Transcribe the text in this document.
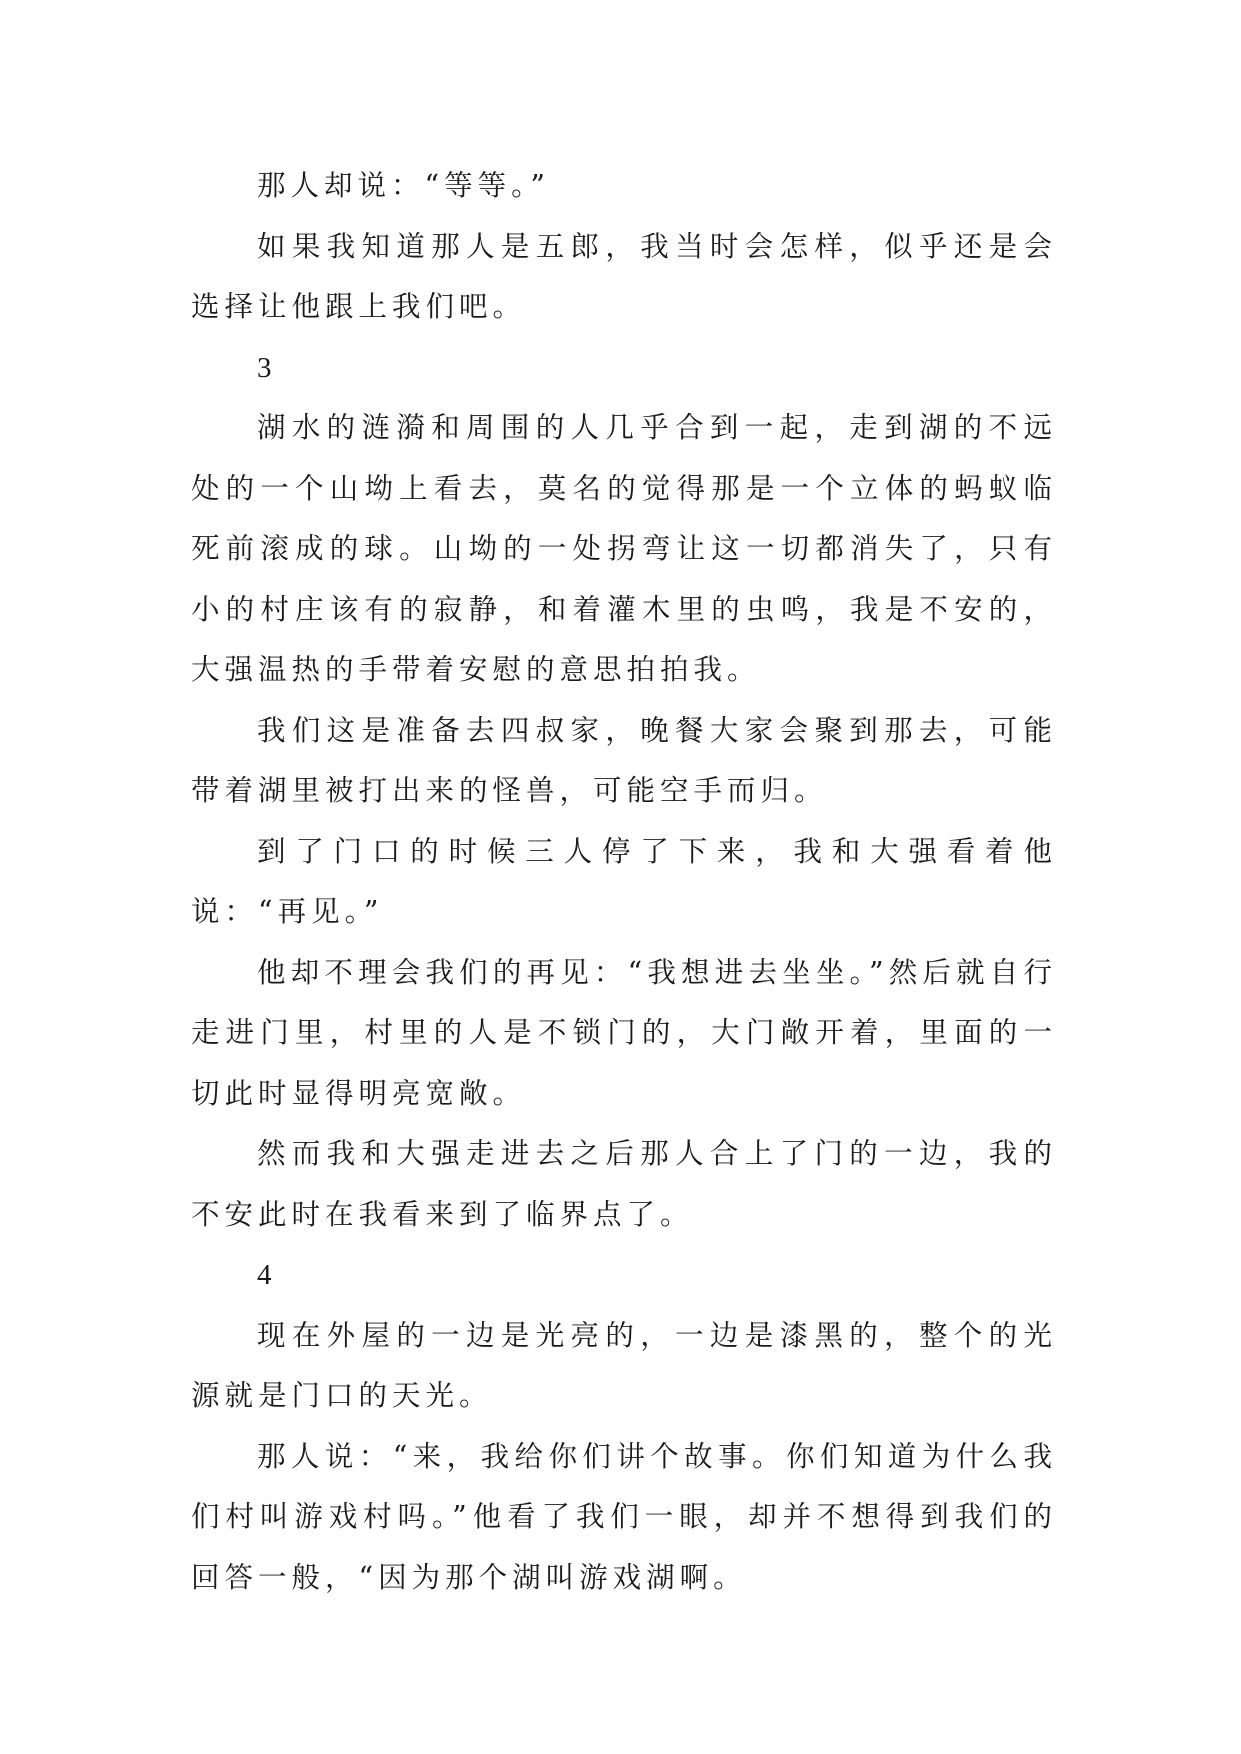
那人却说：“等等。”

如果我知道那人是五郎，我当时会怎样，似乎还是会选择让他跟上我们吧。

3

湖水的涟漪和周围的人几乎合到一起，走到湖的不远处的一个山坳上看去，莫名的觉得那是一个立体的蚂蚁临死前滚成的球。山坳的一处拐弯让这一切都消失了，只有小的村庄该有的寂静，和着灌木里的虫鸣，我是不安的，大强温热的手带着安慰的意思拍拍我。

我们这是准备去四叔家，晚餐大家会聚到那去，可能带着湖里被打出来的怪兽，可能空手而归。

到了门口的时候三人停了下来，我和大强看着他说：“再见。”

他却不理会我们的再见：“我想进去坐坐。”然后就自行走进门里，村里的人是不锁门的，大门敞开着，里面的一切此时显得明亮宽敞。

然而我和大强走进去之后那人合上了门的一边，我的不安此时在我看来到了临界点了。

4

现在外屋的一边是光亮的，一边是漆黑的，整个的光源就是门口的天光。

那人说：“来，我给你们讲个故事。你们知道为什么我们村叫游戏村吗。”他看了我们一眼，却并不想得到我们的回答一般，“因为那个湖叫游戏湖啊。
